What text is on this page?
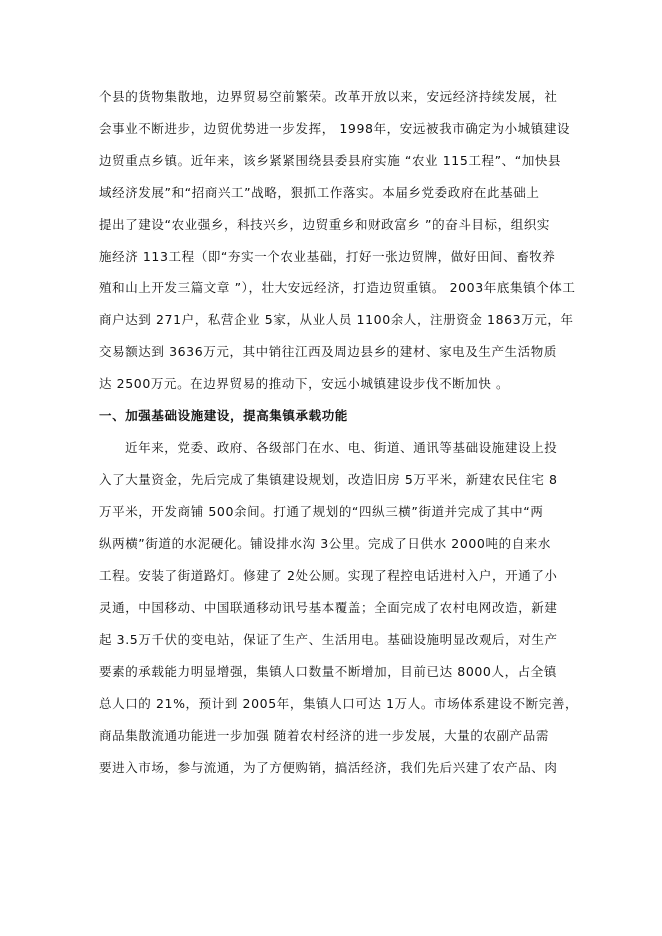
个县的货物集散地，边界贸易空前繁荣。改革开放以来，安远经济持续发展，社
会事业不断进步，边贸优势进一步发挥， 1998年，安远被我市确定为小城镇建设
边贸重点乡镇。近年来，该乡紧紧围绕县委县府实施 “农业 115工程”、“加快县
域经济发展”和“招商兴工”战略，狠抓工作落实。本届乡党委政府在此基础上
提出了建设“农业强乡，科技兴乡，边贸重乡和财政富乡 ”的奋斗目标，组织实
施经济 113工程（即“夯实一个农业基础，打好一张边贸牌，做好田间、畜牧养
殖和山上开发三篇文章 ”），壮大安远经济，打造边贸重镇。 2003年底集镇个体工
商户达到 271户，私营企业 5家，从业人员 1100余人，注册资金 1863万元，年
交易额达到 3636万元，其中销往江西及周边县乡的建材、家电及生产生活物质
达 2500万元。在边界贸易的推动下，安远小城镇建设步伐不断加快 。
一、加强基础设施建设，提高集镇承载功能
近年来，党委、政府、各级部门在水、电、街道、通讯等基础设施建设上投
入了大量资金，先后完成了集镇建设规划，改造旧房 5万平米，新建农民住宅 8
万平米，开发商铺 500余间。打通了规划的“四纵三横”街道并完成了其中“两
纵两横”街道的水泥硬化。铺设排水沟 3公里。完成了日供水 2000吨的自来水
工程。安装了街道路灯。修建了 2处公厕。实现了程控电话进村入户，开通了小
灵通，中国移动、中国联通移动讯号基本覆盖；全面完成了农村电网改造，新建
起 3.5万千伏的变电站，保证了生产、生活用电。基础设施明显改观后，对生产
要素的承载能力明显增强，集镇人口数量不断增加，目前已达 8000人，占全镇
总人口的 21%，预计到 2005年，集镇人口可达 1万人。市场体系建设不断完善，
商品集散流通功能进一步加强 随着农村经济的进一步发展，大量的农副产品需
要进入市场，参与流通，为了方便购销，搞活经济，我们先后兴建了农产品、肉
